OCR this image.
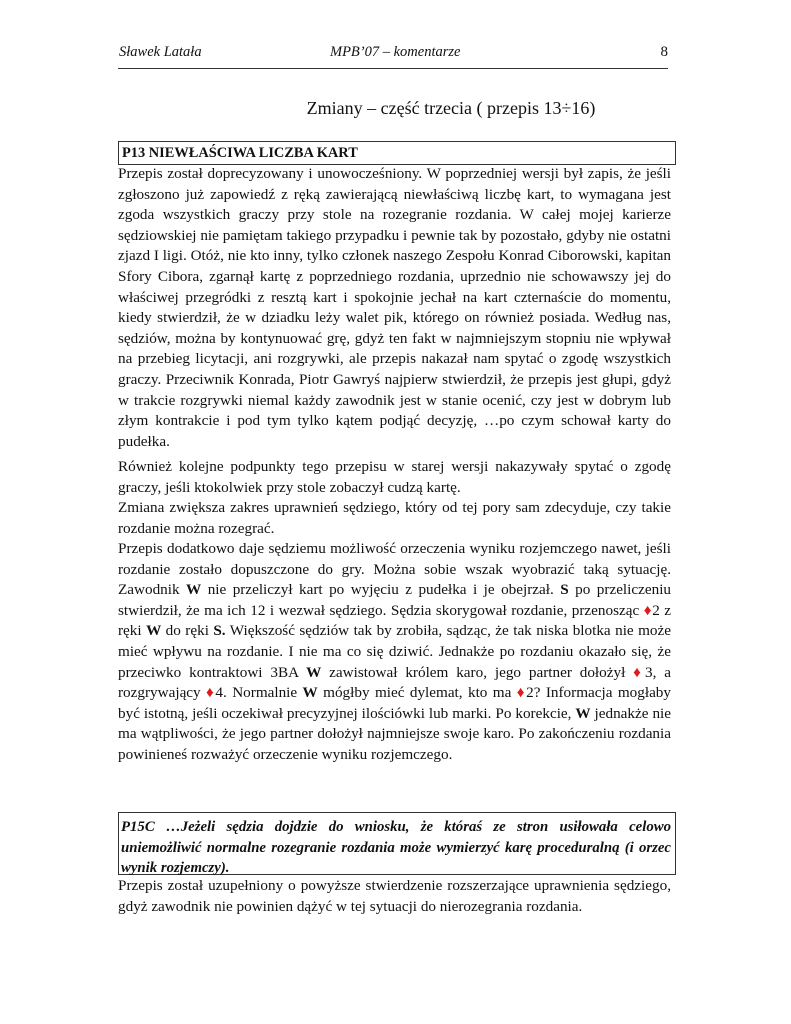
Sławek Latała	MPB’07 – komentarze	8
Zmiany – część trzecia ( przepis 13÷16)
P13 NIEWŁAŚCIWA LICZBA KART
Przepis został doprecyzowany i unowocześniony. W poprzedniej wersji był zapis, że jeśli zgłoszono już zapowiedź z ręką zawierającą niewłaściwą liczbę kart, to wymagana jest zgoda wszystkich graczy przy stole na rozegranie rozdania. W całej mojej karierze sędziowskiej nie pamiętam takiego przypadku i pewnie tak by pozostało, gdyby nie ostatni zjazd I ligi. Otóż, nie kto inny, tylko członek naszego Zespołu Konrad Ciborowski, kapitan Sfory Cibora, zgarnął kartę z poprzedniego rozdania, uprzednio nie schowawszy jej do właściwej przegródki z resztą kart i spokojnie jechał na kart czternaście do momentu, kiedy stwierdził, że w dziadku leży walet pik, którego on również posiada. Według nas, sędziów, można by kontynuować grę, gdyż ten fakt w najmniejszym stopniu nie wpływał na przebieg licytacji, ani rozgrywki, ale przepis nakazał nam spytać o zgodę wszystkich graczy. Przeciwnik Konrada, Piotr Gawryś najpierw stwierdził, że przepis jest głupi, gdyż w trakcie rozgrywki niemal każdy zawodnik jest w stanie ocenić, czy jest w dobrym lub złym kontrakcie i pod tym tylko kątem podjąć decyzję, …po czym schował karty do pudełka.
Również kolejne podpunkty tego przepisu w starej wersji nakazywały spytać o zgodę graczy, jeśli ktokolwiek przy stole zobaczył cudzą kartę.
Zmiana zwiększa zakres uprawnień sędziego, który od tej pory sam zdecyduje, czy takie rozdanie można rozegrać.
Przepis dodatkowo daje sędziemu możliwość orzeczenia wyniku rozjemczego nawet, jeśli rozdanie zostało dopuszczone do gry. Można sobie wszak wyobrazić taką sytuację. Zawodnik W nie przeliczył kart po wyjęciu z pudełka i je obejrzał. S po przeliczeniu stwierdził, że ma ich 12 i wezwał sędziego. Sędzia skorygował rozdanie, przenosząc ♦2 z ręki W do ręki S. Większość sędziów tak by zrobiła, sądząc, że tak niska blotka nie może mieć wpływu na rozdanie. I nie ma co się dziwić. Jednakże po rozdaniu okazało się, że przeciwko kontraktowi 3BA W zawistował królem karo, jego partner dołożył ♦3, a rozgrywający ♦4. Normalnie W mógłby mieć dylemat, kto ma ♦2? Informacja mogłaby być istotną, jeśli oczekiwał precyzyjnej ilościówki lub marki. Po korekcie, W jednakże nie ma wątpliwości, że jego partner dołożył najmniejsze swoje karo. Po zakończeniu rozdania powinieneś rozważyć orzeczenie wyniku rozjemczego.
P15C …Jeżeli sędzia dojdzie do wniosku, że któraś ze stron usiłowała celowo uniemożliwić normalne rozegranie rozdania może wymierzyć karę proceduralną (i orzec wynik rozjemczy).
Przepis został uzupełniony o powyższe stwierdzenie rozszerzające uprawnienia sędziego, gdyż zawodnik nie powinien dążyć w tej sytuacji do nierozegrania rozdania.
